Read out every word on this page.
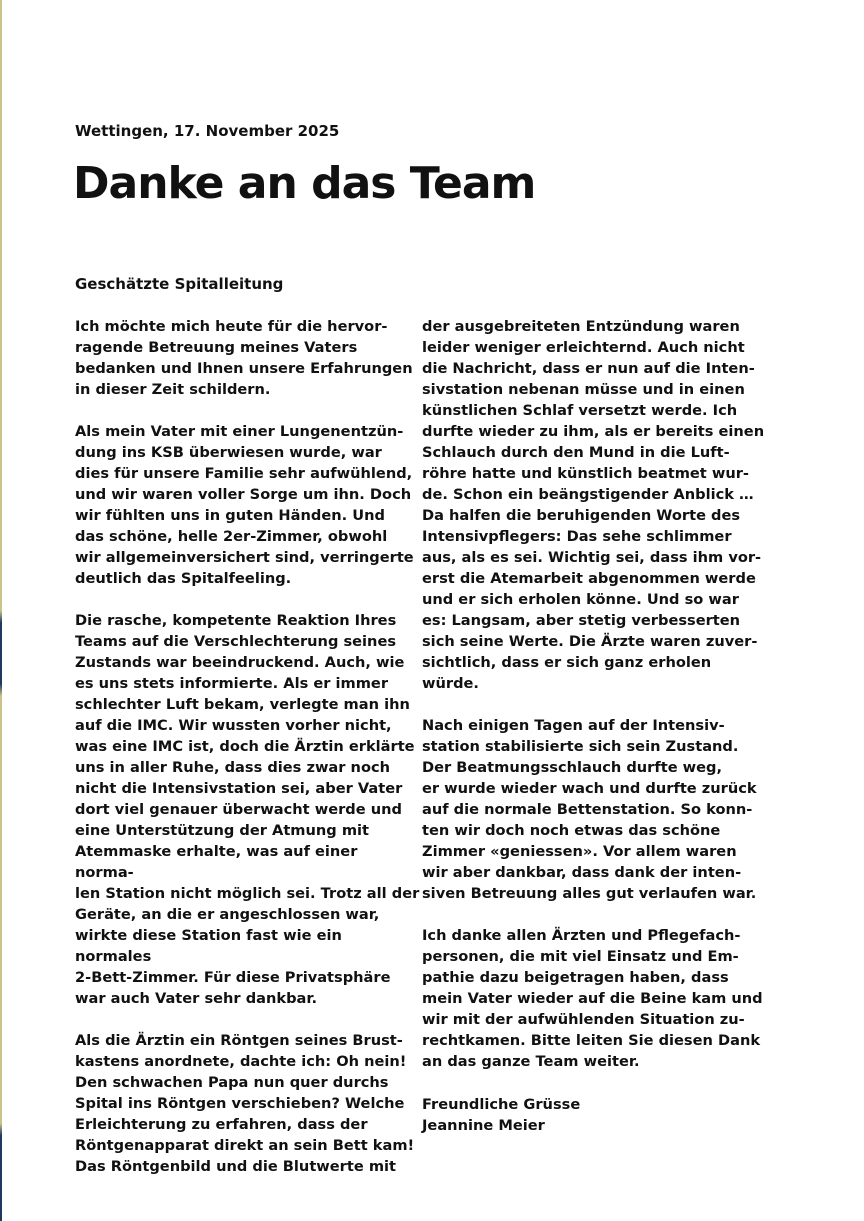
Wettingen, 17. November 2025
Danke an das Team
Geschätzte Spitalleitung

Ich möchte mich heute für die hervor-
ragende Betreuung meines Vaters
bedanken und Ihnen unsere Erfahrungen
in dieser Zeit schildern.

Als mein Vater mit einer Lungenentzün-
dung ins KSB überwiesen wurde, war
dies für unsere Familie sehr aufwühlend,
und wir waren voller Sorge um ihn. Doch
wir fühlten uns in guten Händen. Und
das schöne, helle 2er-Zimmer, obwohl
wir allgemeinversichert sind, verringerte
deutlich das Spitalfeeling.

Die rasche, kompetente Reaktion Ihres
Teams auf die Verschlechterung seines
Zustands war beeindruckend. Auch, wie
es uns stets informierte. Als er immer
schlechter Luft bekam, verlegte man ihn
auf die IMC. Wir wussten vorher nicht,
was eine IMC ist, doch die Ärztin erklärte
uns in aller Ruhe, dass dies zwar noch
nicht die Intensivstation sei, aber Vater
dort viel genauer überwacht werde und
eine Unterstützung der Atmung mit
Atemmaske erhalte, was auf einer norma-
len Station nicht möglich sei. Trotz all der
Geräte, an die er angeschlossen war,
wirkte diese Station fast wie ein normales
2-Bett-Zimmer. Für diese Privatsphäre
war auch Vater sehr dankbar.

Als die Ärztin ein Röntgen seines Brust-
kastens anordnete, dachte ich: Oh nein!
Den schwachen Papa nun quer durchs
Spital ins Röntgen verschieben? Welche
Erleichterung zu erfahren, dass der
Röntgenapparat direkt an sein Bett kam!
Das Röntgenbild und die Blutwerte mit

der ausgebreiteten Entzündung waren
leider weniger erleichternd. Auch nicht
die Nachricht, dass er nun auf die Inten-
sivstation nebenan müsse und in einen
künstlichen Schlaf versetzt werde. Ich
durfte wieder zu ihm, als er bereits einen
Schlauch durch den Mund in die Luft-
röhre hatte und künstlich beatmet wur-
de. Schon ein beängstigender Anblick …
Da halfen die beruhigenden Worte des
Intensivpflegers: Das sehe schlimmer
aus, als es sei. Wichtig sei, dass ihm vor-
erst die Atemarbeit abgenommen werde
und er sich erholen könne. Und so war
es: Langsam, aber stetig verbesserten
sich seine Werte. Die Ärzte waren zuver-
sichtlich, dass er sich ganz erholen würde.

Nach einigen Tagen auf der Intensiv-
station stabilisierte sich sein Zustand.
Der Beatmungsschlauch durfte weg,
er wurde wieder wach und durfte zurück
auf die normale Bettenstation. So konn-
ten wir doch noch etwas das schöne
Zimmer «geniessen». Vor allem waren
wir aber dankbar, dass dank der inten-
siven Betreuung alles gut verlaufen war.

Ich danke allen Ärzten und Pflegefach-
personen, die mit viel Einsatz und Em-
pathie dazu beigetragen haben, dass
mein Vater wieder auf die Beine kam und
wir mit der aufwühlenden Situation zu-
rechtkamen. Bitte leiten Sie diesen Dank
an das ganze Team weiter.

Freundliche Grüsse
Jeannine Meier
